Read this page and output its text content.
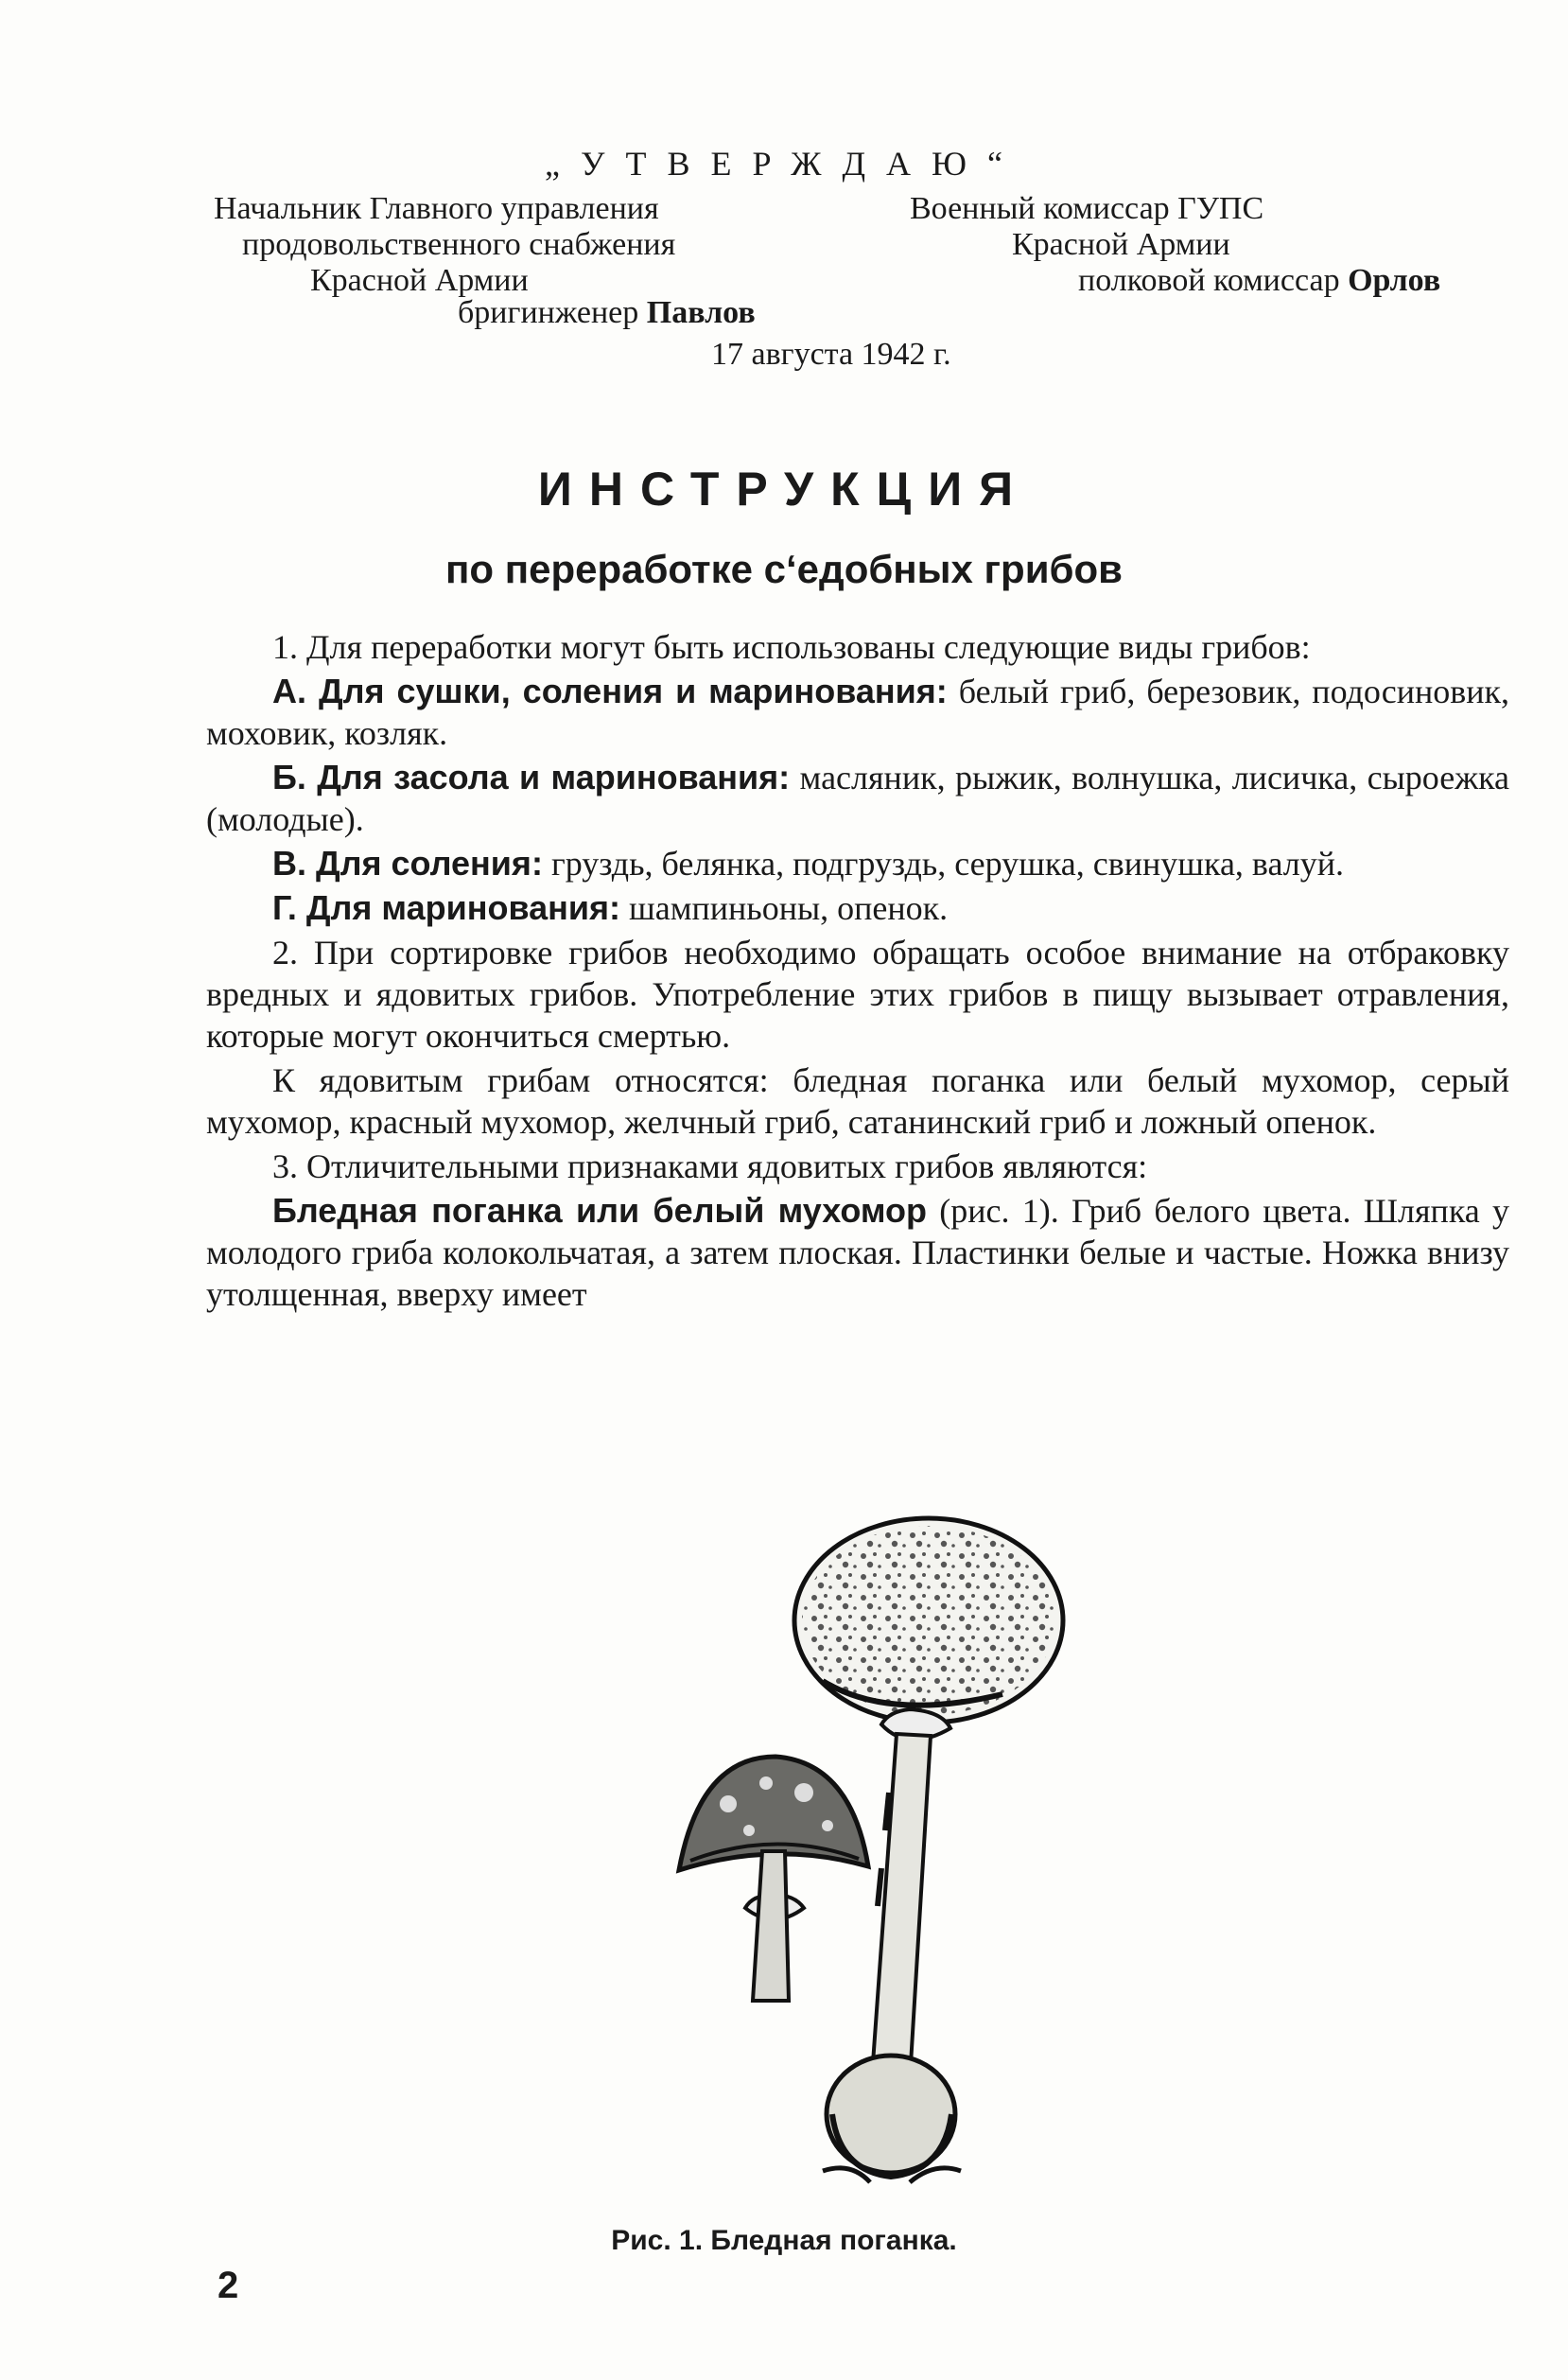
„УТВЕРЖДАЮ“
Начальник Главного управления
продовольственного снабжения
Красной Армии
бригинженер Павлов
Военный комиссар ГУПС
Красной Армии
полковой комиссар Орлов
17 августа 1942 г.
ИНСТРУКЦИЯ
по переработке с‘едобных грибов

1. Для переработки могут быть использованы следующие виды грибов:

А. Для сушки, соления и маринования: белый гриб, березовик, подосиновик, моховик, козляк.

Б. Для засола и маринования: масляник, рыжик, волнушка, лисичка, сыроежка (молодые).

В. Для соления: груздь, белянка, подгруздь, серушка, свинушка, валуй.

Г. Для маринования: шампиньоны, опенок.

2. При сортировке грибов необходимо обращать особое внимание на отбраковку вредных и ядовитых грибов. Употребление этих грибов в пищу вызывает отравления, которые могут окончиться смертью.

К ядовитым грибам относятся: бледная поганка или белый мухомор, серый мухомор, красный мухомор, желчный гриб, сатанинский гриб и ложный опенок.

3. Отличительными признаками ядовитых грибов являются:

Бледная поганка или белый мухомор (рис. 1). Гриб белого цвета. Шляпка у молодого гриба колокольчатая, а затем плоская. Пластинки белые и частые. Ножка внизу утолщенная, вверху имеет

Рис. 1. Бледная поганка.
2
